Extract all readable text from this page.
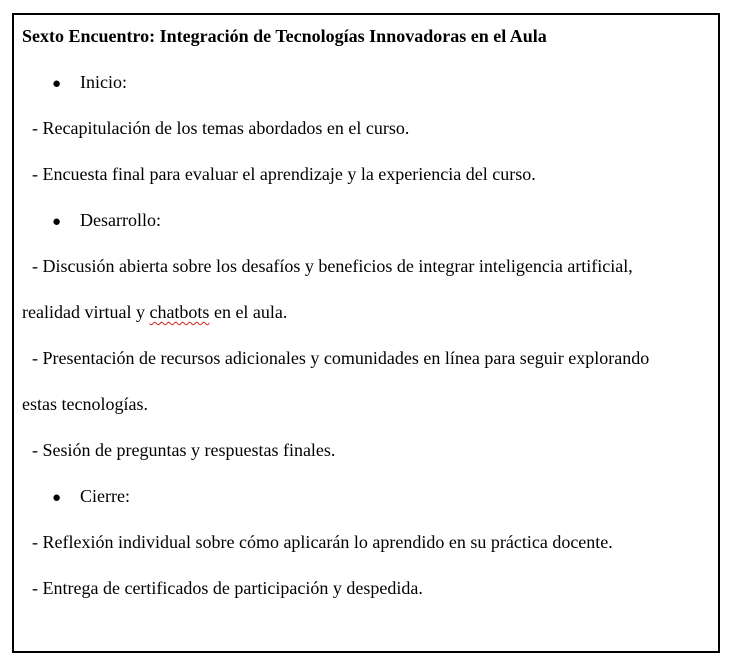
Sexto Encuentro: Integración de Tecnologías Innovadoras en el Aula
● Inicio:
- Recapitulación de los temas abordados en el curso.
- Encuesta final para evaluar el aprendizaje y la experiencia del curso.
● Desarrollo:
- Discusión abierta sobre los desafíos y beneficios de integrar inteligencia artificial,
realidad virtual y chatbots en el aula.
- Presentación de recursos adicionales y comunidades en línea para seguir explorando
estas tecnologías.
- Sesión de preguntas y respuestas finales.
● Cierre:
- Reflexión individual sobre cómo aplicarán lo aprendido en su práctica docente.
- Entrega de certificados de participación y despedida.
